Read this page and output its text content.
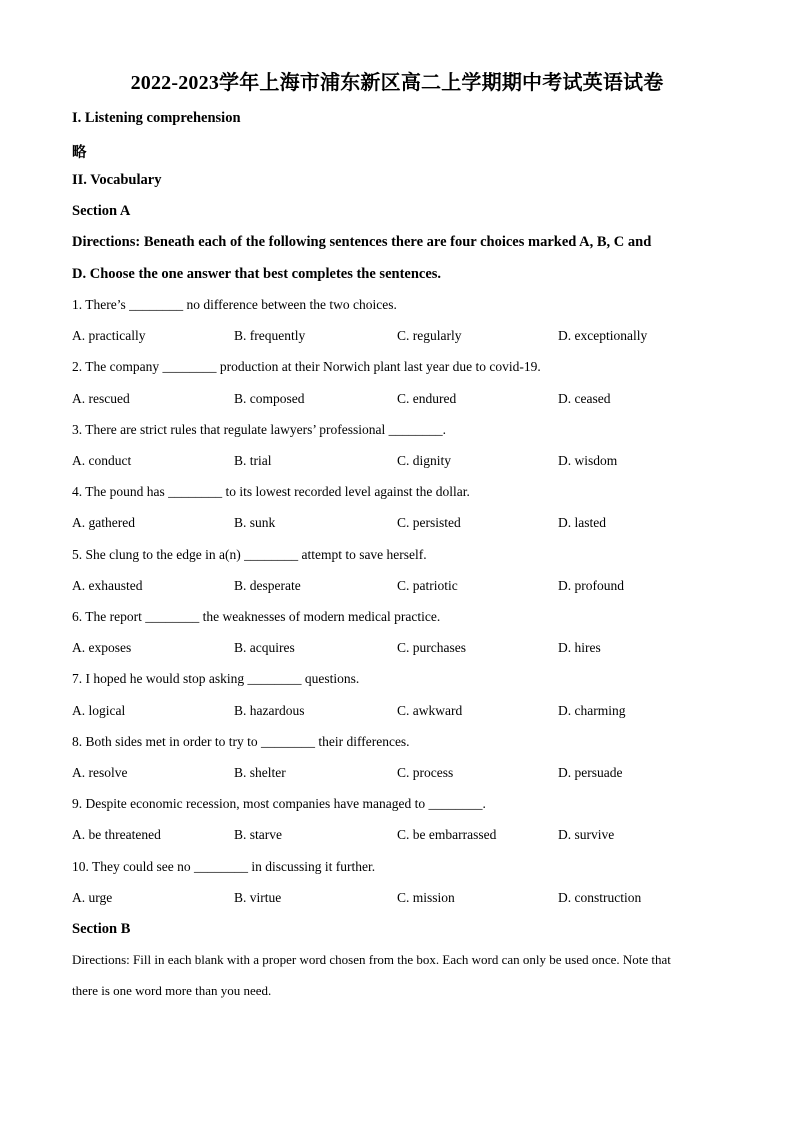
2022-2023学年上海市浦东新区高二上学期期中考试英语试卷
I. Listening comprehension
略
II. Vocabulary
Section A
Directions: Beneath each of the following sentences there are four choices marked A, B, C and
D. Choose the one answer that best completes the sentences.
1. There’s ________ no difference between the two choices.
A. practically	B. frequently	C. regularly	D. exceptionally
2. The company ________ production at their Norwich plant last year due to covid-19.
A. rescued	B. composed	C. endured	D. ceased
3. There are strict rules that regulate lawyers’ professional ________.
A. conduct	B. trial	C. dignity	D. wisdom
4. The pound has ________ to its lowest recorded level against the dollar.
A. gathered	B. sunk	C. persisted	D. lasted
5. She clung to the edge in a(n) ________ attempt to save herself.
A. exhausted	B. desperate	C. patriotic	D. profound
6. The report ________ the weaknesses of modern medical practice.
A. exposes	B. acquires	C. purchases	D. hires
7. I hoped he would stop asking ________ questions.
A. logical	B. hazardous	C. awkward	D. charming
8. Both sides met in order to try to ________ their differences.
A. resolve	B. shelter	C. process	D. persuade
9. Despite economic recession, most companies have managed to ________.
A. be threatened	B. starve	C. be embarrassed	D. survive
10. They could see no ________ in discussing it further.
A. urge	B. virtue	C. mission	D. construction
Section B
Directions: Fill in each blank with a proper word chosen from the box. Each word can only be used once. Note that
there is one word more than you need.
